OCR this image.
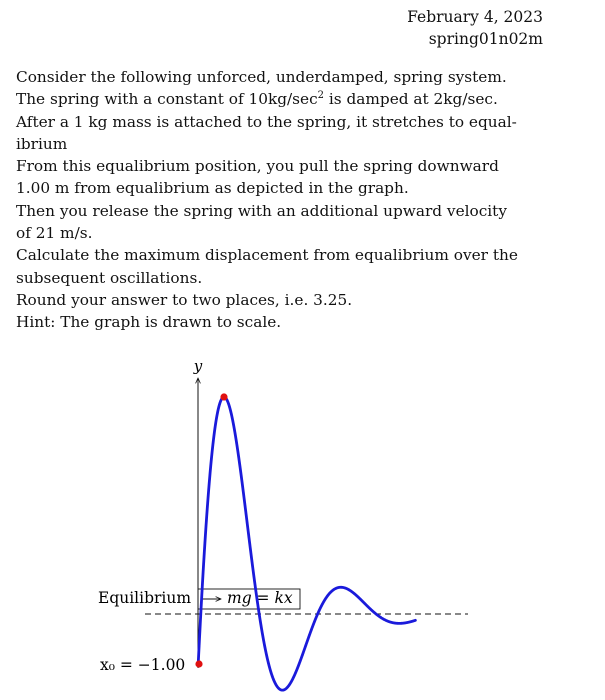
February 4, 2023
spring01n02m

Consider the following unforced, underdamped, spring system.

The spring with a constant of $10kg/\sec^2$ is damped at 2kg/sec.

After a 1 kg mass is attached to the spring, it stretches to equal-

ibrium

From this equalibrium position, you pull the spring downward

1.00 m from equalibrium as depicted in the graph.

Then you release the spring with an additional upward velocity

of 21 m/s.

Calculate the maximum displacement from equalibrium over the

subsequent oscillations.

Round your answer to two places, i.e. 3.25.

Hint: The graph is drawn to scale.

y
Equilibrium mg = kx
x₀ = −1.00
